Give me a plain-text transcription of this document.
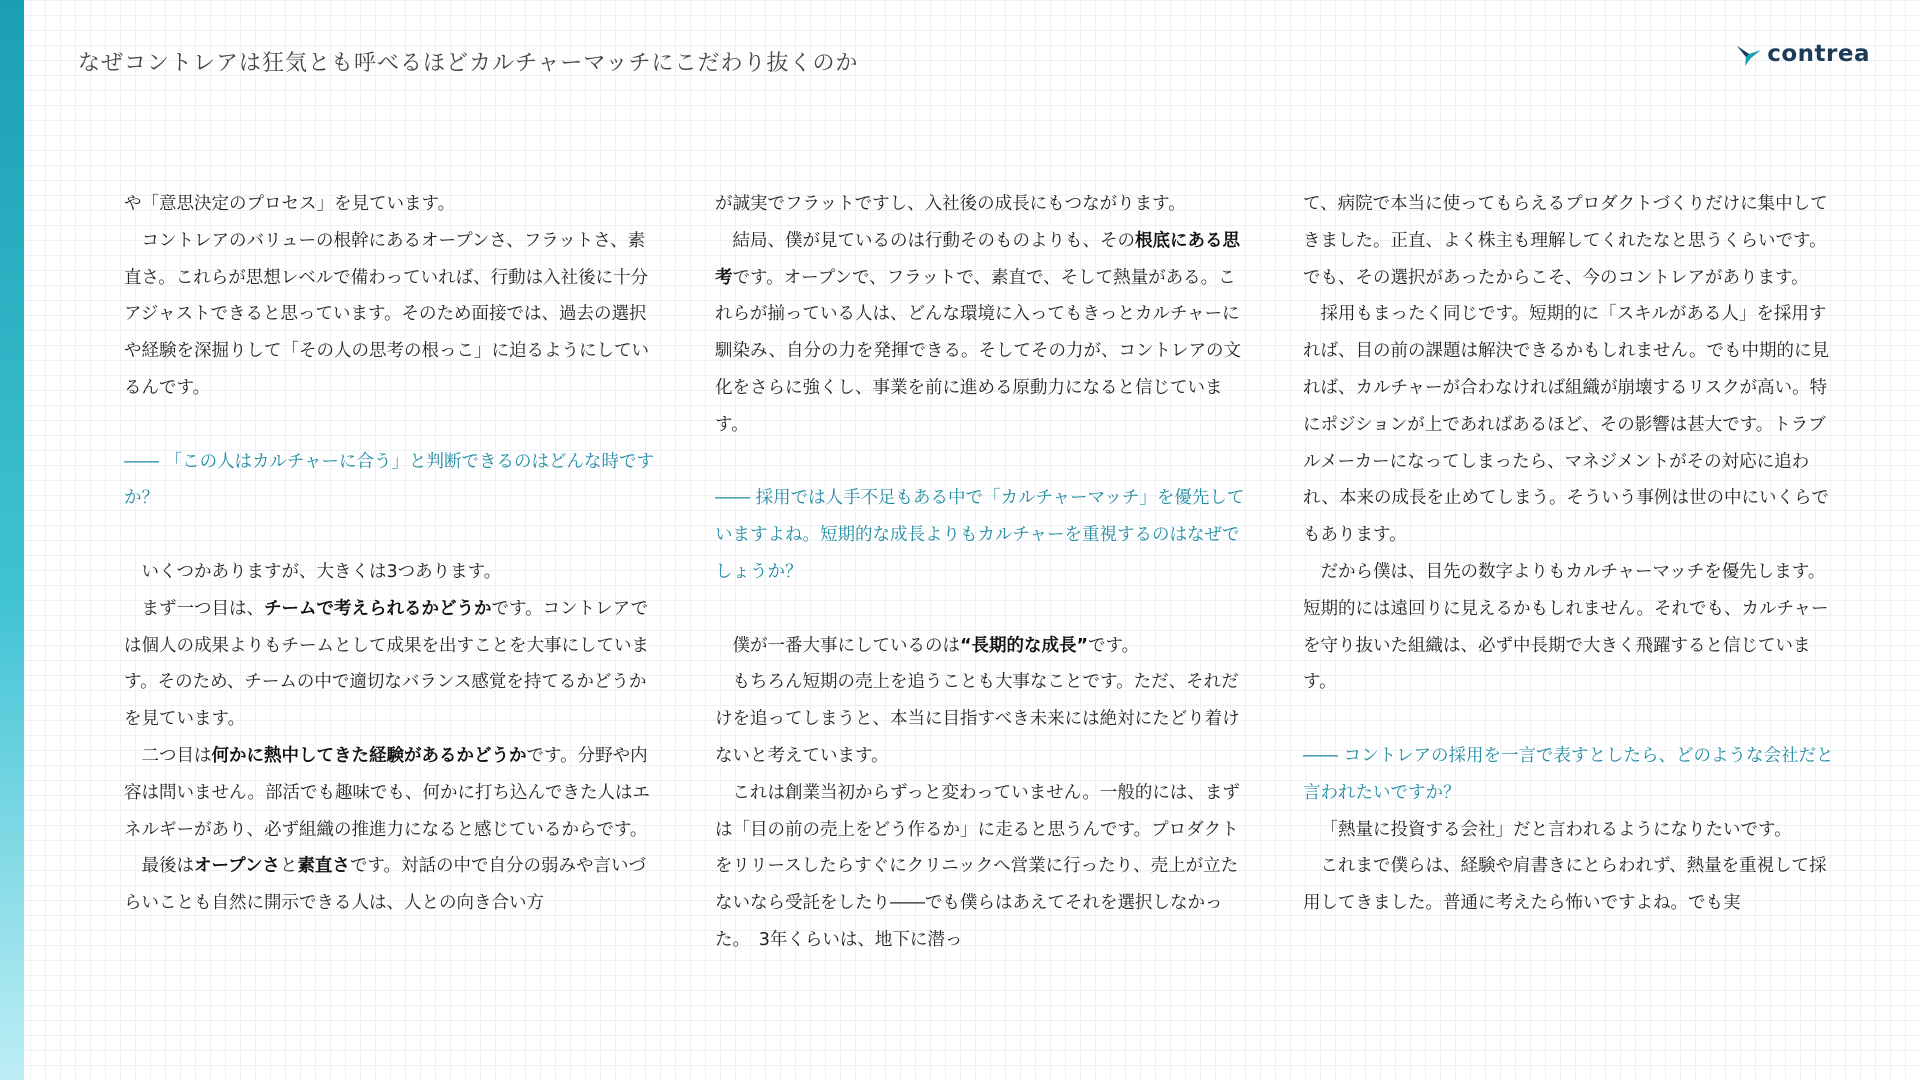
なぜコントレアは狂気とも呼べるほどカルチャーマッチにこだわり抜くのか	contrea

や「意思決定のプロセス」を見ています。

コントレアのバリューの根幹にあるオープンさ、フラットさ、素直さ。これらが思想レベルで備わっていれば、行動は入社後に十分アジャストできると思っています。そのため面接では、過去の選択や経験を深掘りして「その人の思考の根っこ」に迫るようにしているんです。

―― 「この人はカルチャーに合う」と判断できるのはどんな時ですか？

いくつかありますが、大きくは3つあります。

まず一つ目は、チームで考えられるかどうかです。コントレアでは個人の成果よりもチームとして成果を出すことを大事にしています。そのため、チームの中で適切なバランス感覚を持てるかどうかを見ています。

二つ目は何かに熱中してきた経験があるかどうかです。分野や内容は問いません。部活でも趣味でも、何かに打ち込んできた人はエネルギーがあり、必ず組織の推進力になると感じているからです。

最後はオープンさと素直さです。対話の中で自分の弱みや言いづらいことも自然に開示できる人は、人との向き合い方

が誠実でフラットですし、入社後の成長にもつながります。

結局、僕が見ているのは行動そのものよりも、その根底にある思考です。オープンで、フラットで、素直で、そして熱量がある。これらが揃っている人は、どんな環境に入ってもきっとカルチャーに馴染み、自分の力を発揮できる。そしてその力が、コントレアの文化をさらに強くし、事業を前に進める原動力になると信じています。

―― 採用では人手不足もある中で「カルチャーマッチ」を優先していますよね。短期的な成長よりもカルチャーを重視するのはなぜでしょうか？

僕が一番大事にしているのは“長期的な成長”です。

もちろん短期の売上を追うことも大事なことです。ただ、それだけを追ってしまうと、本当に目指すべき未来には絶対にたどり着けないと考えています。

これは創業当初からずっと変わっていません。一般的には、まずは「目の前の売上をどう作るか」に走ると思うんです。プロダクトをリリースしたらすぐにクリニックへ営業に行ったり、売上が立たないなら受託をしたり――でも僕らはあえてそれを選択しなかった。　3年くらいは、地下に潜っ

て、病院で本当に使ってもらえるプロダクトづくりだけに集中してきました。正直、よく株主も理解してくれたなと思うくらいです。でも、その選択があったからこそ、今のコントレアがあります。

採用もまったく同じです。短期的に「スキルがある人」を採用すれば、目の前の課題は解決できるかもしれません。でも中期的に見れば、カルチャーが合わなければ組織が崩壊するリスクが高い。特にポジションが上であればあるほど、その影響は甚大です。トラブルメーカーになってしまったら、マネジメントがその対応に追われ、本来の成長を止めてしまう。そういう事例は世の中にいくらでもあります。

だから僕は、目先の数字よりもカルチャーマッチを優先します。短期的には遠回りに見えるかもしれません。それでも、カルチャーを守り抜いた組織は、必ず中長期で大きく飛躍すると信じています。

―― コントレアの採用を一言で表すとしたら、どのような会社だと言われたいですか？

「熱量に投資する会社」だと言われるようになりたいです。

これまで僕らは、経験や肩書きにとらわれず、熱量を重視して採用してきました。普通に考えたら怖いですよね。でも実
